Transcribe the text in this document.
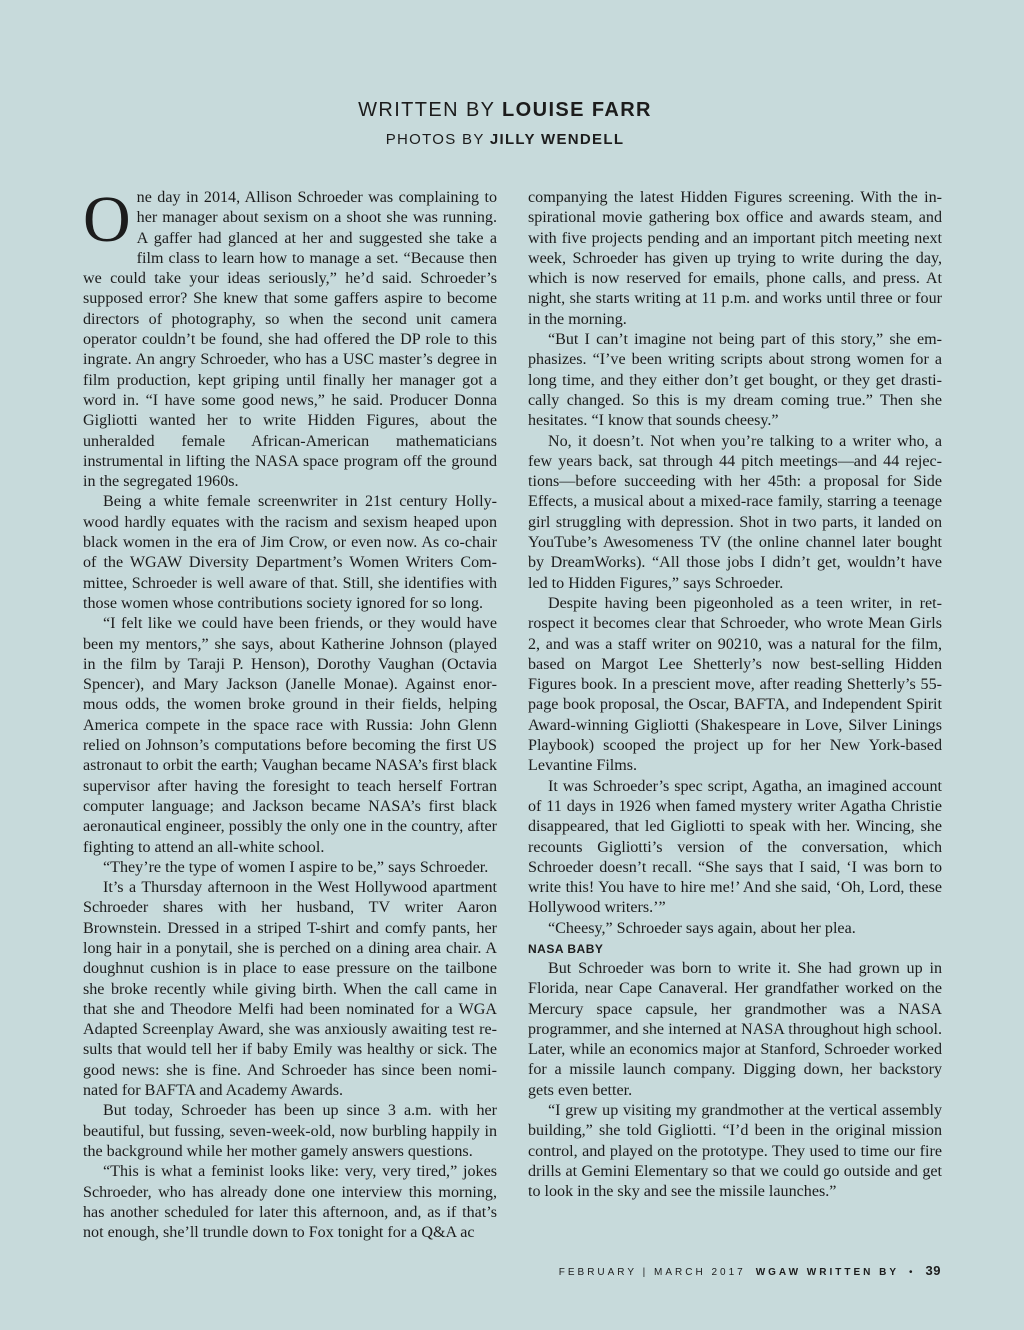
WRITTEN BY LOUISE FARR
PHOTOS BY JILLY WENDELL

One day in 2014, Allison Schroeder was complaining to her manager about sexism on a shoot she was running. A gaffer had glanced at her and suggested she take a film class to learn how to manage a set. “Because then we could take your ideas seriously,” he’d said. Schroeder’s supposed error? She knew that some gaffers aspire to become directors of photography, so when the second unit camera operator couldn’t be found, she had offered the DP role to this ingrate. An angry Schroeder, who has a USC master’s degree in film production, kept griping until finally her manager got a word in. “I have some good news,” he said. Producer Donna Gigliotti wanted her to write Hidden Figures, about the unheralded female African-American mathematicians instrumental in lifting the NASA space program off the ground in the segregated 1960s.

Being a white female screenwriter in 21st century Hollywood hardly equates with the racism and sexism heaped upon black women in the era of Jim Crow, or even now. As co-chair of the WGAW Diversity Department’s Women Writers Committee, Schroeder is well aware of that. Still, she identifies with those women whose contributions society ignored for so long.

“I felt like we could have been friends, or they would have been my mentors,” she says, about Katherine Johnson (played in the film by Taraji P. Henson), Dorothy Vaughan (Octavia Spencer), and Mary Jackson (Janelle Monae). Against enormous odds, the women broke ground in their fields, helping America compete in the space race with Russia: John Glenn relied on Johnson’s computations before becoming the first US astronaut to orbit the earth; Vaughan became NASA’s first black supervisor after having the foresight to teach herself Fortran computer language; and Jackson became NASA’s first black aeronautical engineer, possibly the only one in the country, after fighting to attend an all-white school.

“They’re the type of women I aspire to be,” says Schroeder.

It’s a Thursday afternoon in the West Hollywood apartment Schroeder shares with her husband, TV writer Aaron Brownstein. Dressed in a striped T-shirt and comfy pants, her long hair in a ponytail, she is perched on a dining area chair. A doughnut cushion is in place to ease pressure on the tailbone she broke recently while giving birth. When the call came in that she and Theodore Melfi had been nominated for a WGA Adapted Screenplay Award, she was anxiously awaiting test results that would tell her if baby Emily was healthy or sick. The good news: she is fine. And Schroeder has since been nominated for BAFTA and Academy Awards.

But today, Schroeder has been up since 3 a.m. with her beautiful, but fussing, seven-week-old, now burbling happily in the background while her mother gamely answers questions.

“This is what a feminist looks like: very, very tired,” jokes Schroeder, who has already done one interview this morning, has another scheduled for later this afternoon, and, as if that’s not enough, she’ll trundle down to Fox tonight for a Q&A ac

companying the latest Hidden Figures screening. With the inspirational movie gathering box office and awards steam, and with five projects pending and an important pitch meeting next week, Schroeder has given up trying to write during the day, which is now reserved for emails, phone calls, and press. At night, she starts writing at 11 p.m. and works until three or four in the morning.

“But I can’t imagine not being part of this story,” she emphasizes. “I’ve been writing scripts about strong women for a long time, and they either don’t get bought, or they get drastically changed. So this is my dream coming true.” Then she hesitates. “I know that sounds cheesy.”

No, it doesn’t. Not when you’re talking to a writer who, a few years back, sat through 44 pitch meetings—and 44 rejections—before succeeding with her 45th: a proposal for Side Effects, a musical about a mixed-race family, starring a teenage girl struggling with depression. Shot in two parts, it landed on YouTube’s Awesomeness TV (the online channel later bought by DreamWorks). “All those jobs I didn’t get, wouldn’t have led to Hidden Figures,” says Schroeder.

Despite having been pigeonholed as a teen writer, in retrospect it becomes clear that Schroeder, who wrote Mean Girls 2, and was a staff writer on 90210, was a natural for the film, based on Margot Lee Shetterly’s now best-selling Hidden Figures book. In a prescient move, after reading Shetterly’s 55-page book proposal, the Oscar, BAFTA, and Independent Spirit Award-winning Gigliotti (Shakespeare in Love, Silver Linings Playbook) scooped the project up for her New York-based Levantine Films.

It was Schroeder’s spec script, Agatha, an imagined account of 11 days in 1926 when famed mystery writer Agatha Christie disappeared, that led Gigliotti to speak with her. Wincing, she recounts Gigliotti’s version of the conversation, which Schroeder doesn’t recall. “She says that I said, ‘I was born to write this! You have to hire me!’ And she said, ‘Oh, Lord, these Hollywood writers.’”

“Cheesy,” Schroeder says again, about her plea.

NASA BABY

But Schroeder was born to write it. She had grown up in Florida, near Cape Canaveral. Her grandfather worked on the Mercury space capsule, her grandmother was a NASA programmer, and she interned at NASA throughout high school. Later, while an economics major at Stanford, Schroeder worked for a missile launch company. Digging down, her backstory gets even better.

“I grew up visiting my grandmother at the vertical assembly building,” she told Gigliotti. “I’d been in the original mission control, and played on the prototype. They used to time our fire drills at Gemini Elementary so that we could go outside and get to look in the sky and see the missile launches.”

FEBRUARY | MARCH 2017 WGAW WRITTEN BY • 39
